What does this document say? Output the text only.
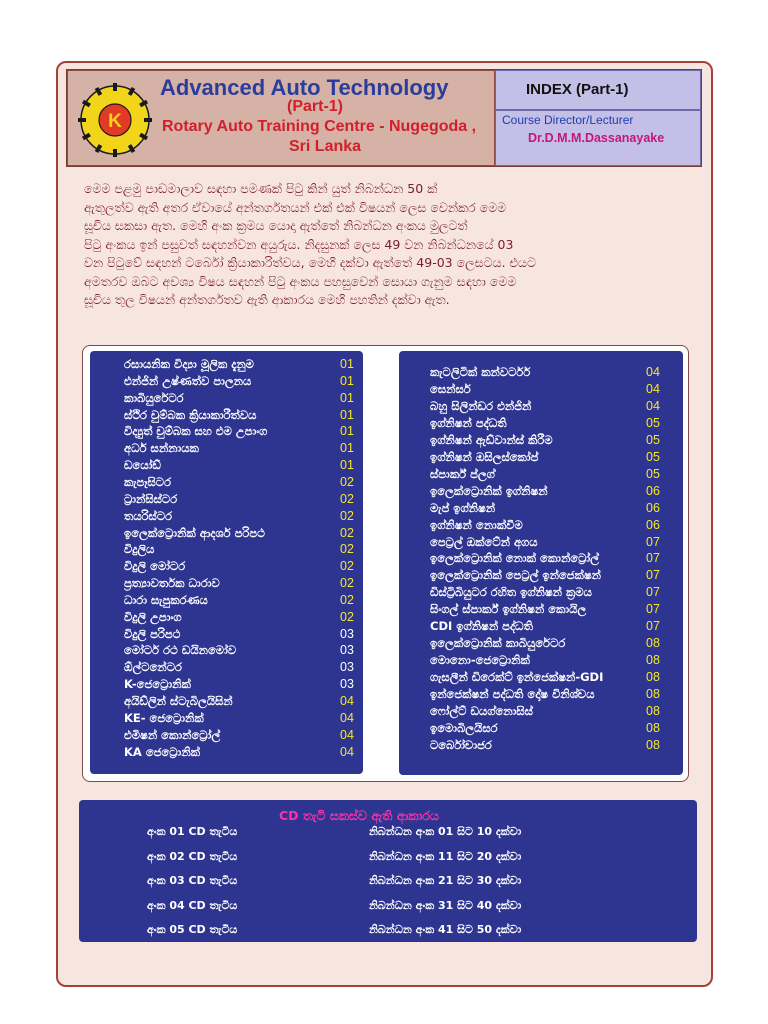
K
Advanced Auto Technology
(Part-1)
Rotary Auto Training Centre - Nugegoda ,
Sri Lanka
INDEX (Part-1)
Course Director/Lecturer
Dr.D.M.M.Dassanayake
මෙම පළමු පාඩමාලාව සඳහා පමණක් පිටු කින් යුත් නිබන්ධන 50 ක්
ඇතුලත්ව ඇති අතර ඒවායේ අන්තර්ගතයන් එක් එක් විෂයන් ලෙස වෙන්කර මෙම
සූචිය සකසා ඇත. මෙහි අංක ක්‍රමය යොදා ඇත්තේ නිබන්ධන අංකය මුලටත්
පිටු අංකය ඉන් පසුවත් සඳහන්වන අයුරුය. නිදසුනක් ලෙස 49 වන නිබන්ධනයේ 03
වන පිටුවේ සඳහන් ටර්බෝ ක්‍රියාකාරිත්වය, මෙහි දක්වා ඇත්තේ 49-03 ලෙසටය. එයට
අමතරව ඔබට අවශ්‍ය විෂය සඳහන් පිටු අංකය පහසුවෙන් සොයා ගැනුම සඳහා මෙම
සූචිය තුල විෂයන් අන්තර්ගතව ඇති ආකාරය මෙහි පහතින් දක්වා ඇත.
රසායනික විද්‍යා මූලික දැනුම	01
එන්ජින් උෂ්ණත්ව පාලනය	01
කාබියුරේටර	01
ස්ථිර චුම්බක ක්‍රියාකාරීත්වය	01
විද්‍යුත් චුම්බක සහ එම උපාංග	01
අර්ධ සන්නායක	01
ඩයෝඩ්	01
කැපෑසිටර	02
ට්‍රාන්සිස්ටර	02
තයරිස්ටර	02
ඉලෙක්ට්‍රොනික් ආදර්ශ පරිපථ	02
විදුලිය	02
විදුලි මෝටර	02
ප්‍රත්‍යාවර්තක ධාරාව	02
ධාරා සැපුකරණය	02
විදුලි උපාංග	02
විදුලි පරිපථ	03
මෝටර් රථ ඩයිනමෝව	03
ඕල්ටනේටර	03
K-ජෙට්‍රොනික්	03
අයිඩ්ලින් ස්ටැබිලයිසින්	04
KE- ජෙට්‍රොනික්	04
එමිෂන් කොන්ට්‍රෝල්	04
KA ජෙට්‍රොනික්	04
කැටලිටික් කන්වර්ටර්	04
සෙන්සර්	04
බහු සිලින්ඩර එන්ජින්	04
ඉග්නිෂන් පද්ධති	05
ඉග්නිෂන් ඇඩ්වාන්ස් කිරීම	05
ඉග්නිෂන් ඔසිලස්කෝප්	05
ස්පාර්ක් ප්ලග්	05
ඉලෙක්ට්‍රොනික් ඉග්නිෂන්	06
මැප් ඉග්නිෂන්	06
ඉග්නිෂන් නොක්වීම	06
පෙට්‍රල් ඔක්ටේන් අගය	07
ඉලෙක්ට්‍රොනික් නොක් කොන්ට්‍රෝල්	07
ඉලෙක්ට්‍රොනික් පෙට්‍රල් ඉන්ජෙක්ෂන්	07
ඩිස්ට්‍රිබියුටර රහිත ඉග්නිෂන් ක්‍රමය	07
සිංගල් ස්පාර්ක් ඉග්නිෂන් කොයිල	07
CDI ඉග්නිෂන් පද්ධති	07
ඉලෙක්ට්‍රොනික් කාබියුරේටර	08
මොනො-ජෙට්‍රොනික්	08
ගැසලීන් ඩිරෙක්ට් ඉන්ජෙක්ෂන්-GDI	08
ඉන්ජෙක්ෂන් පද්ධති දෝෂ විනිශ්චය	08
ෆෝල්ට් ඩයග්නොසිස්	08
ඉමොබිලයිසර	08
ටර්බෝචාජර	08
CD තැටි සකස්ව ඇති ආකාරය
අංක 01 CD තැටිය	නිබන්ධන අංක 01 සිට 10 දක්වා
අංක 02 CD තැටිය	නිබන්ධන අංක 11 සිට 20 දක්වා
අංක 03 CD තැටිය	නිබන්ධන අංක 21 සිට 30 දක්වා
අංක 04 CD තැටිය	නිබන්ධන අංක 31 සිට 40 දක්වා
අංක 05 CD තැටිය	නිබන්ධන අංක 41 සිට 50 දක්වා
